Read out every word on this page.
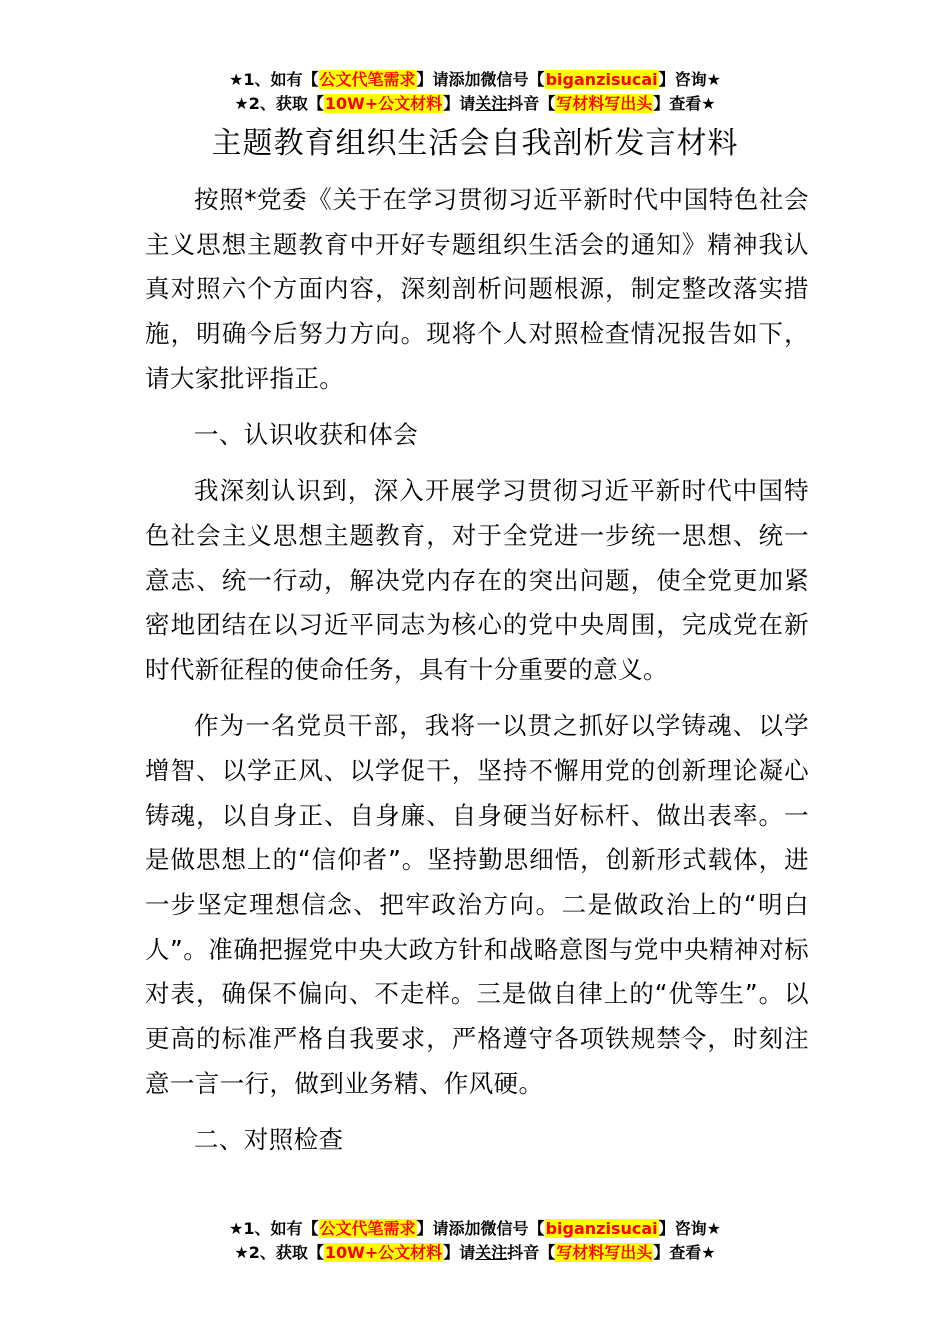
★1、如有【公文代笔需求】请添加微信号【biganzisucai】咨询★
★2、获取【10W+公文材料】请关注抖音【写材料写出头】查看★
主题教育组织生活会自我剖析发言材料

按照*党委《关于在学习贯彻习近平新时代中国特色社会主义思想主题教育中开好专题组织生活会的通知》精神我认真对照六个方面内容，深刻剖析问题根源，制定整改落实措施，明确今后努力方向。现将个人对照检查情况报告如下，请大家批评指正。

一、认识收获和体会

我深刻认识到，深入开展学习贯彻习近平新时代中国特色社会主义思想主题教育，对于全党进一步统一思想、统一意志、统一行动，解决党内存在的突出问题，使全党更加紧密地团结在以习近平同志为核心的党中央周围，完成党在新时代新征程的使命任务，具有十分重要的意义。

作为一名党员干部，我将一以贯之抓好以学铸魂、以学增智、以学正风、以学促干，坚持不懈用党的创新理论凝心铸魂，以自身正、自身廉、自身硬当好标杆、做出表率。一是做思想上的“信仰者”。坚持勤思细悟，创新形式载体，进一步坚定理想信念、把牢政治方向。二是做政治上的“明白人”。准确把握党中央大政方针和战略意图与党中央精神对标对表，确保不偏向、不走样。三是做自律上的“优等生”。以更高的标准严格自我要求，严格遵守各项铁规禁令，时刻注意一言一行，做到业务精、作风硬。

二、对照检查

★1、如有【公文代笔需求】请添加微信号【biganzisucai】咨询★
★2、获取【10W+公文材料】请关注抖音【写材料写出头】查看★
